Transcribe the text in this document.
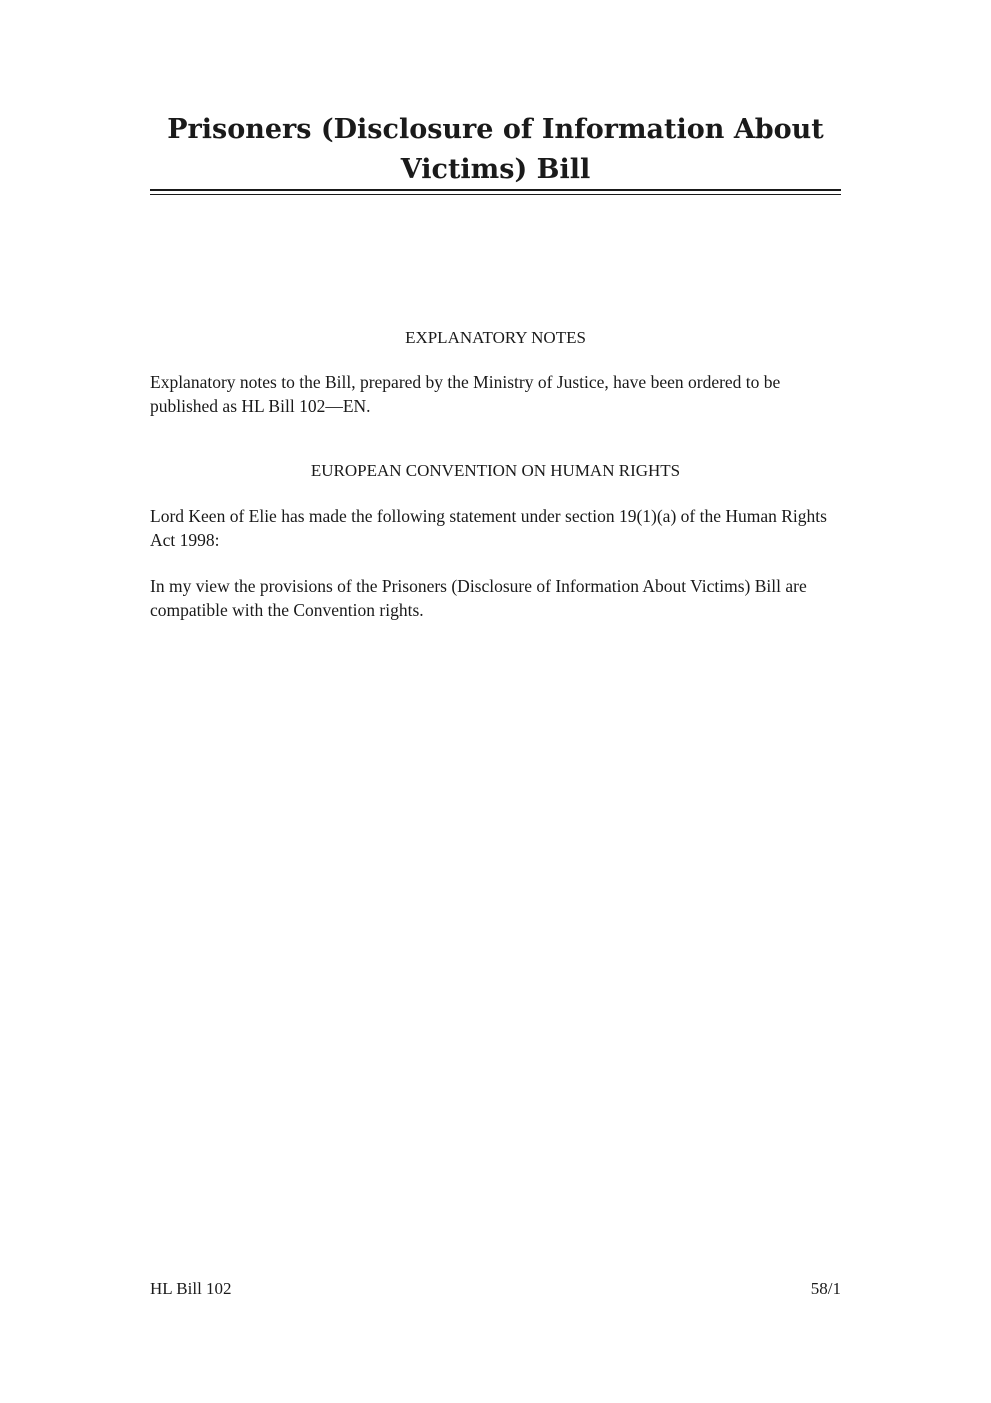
Prisoners (Disclosure of Information About Victims) Bill
EXPLANATORY NOTES

Explanatory notes to the Bill, prepared by the Ministry of Justice, have been ordered to be published as HL Bill 102—EN.

EUROPEAN CONVENTION ON HUMAN RIGHTS

Lord Keen of Elie has made the following statement under section 19(1)(a) of the Human Rights Act 1998:

In my view the provisions of the Prisoners (Disclosure of Information About Victims) Bill are compatible with the Convention rights.

HL Bill 102	58/1
